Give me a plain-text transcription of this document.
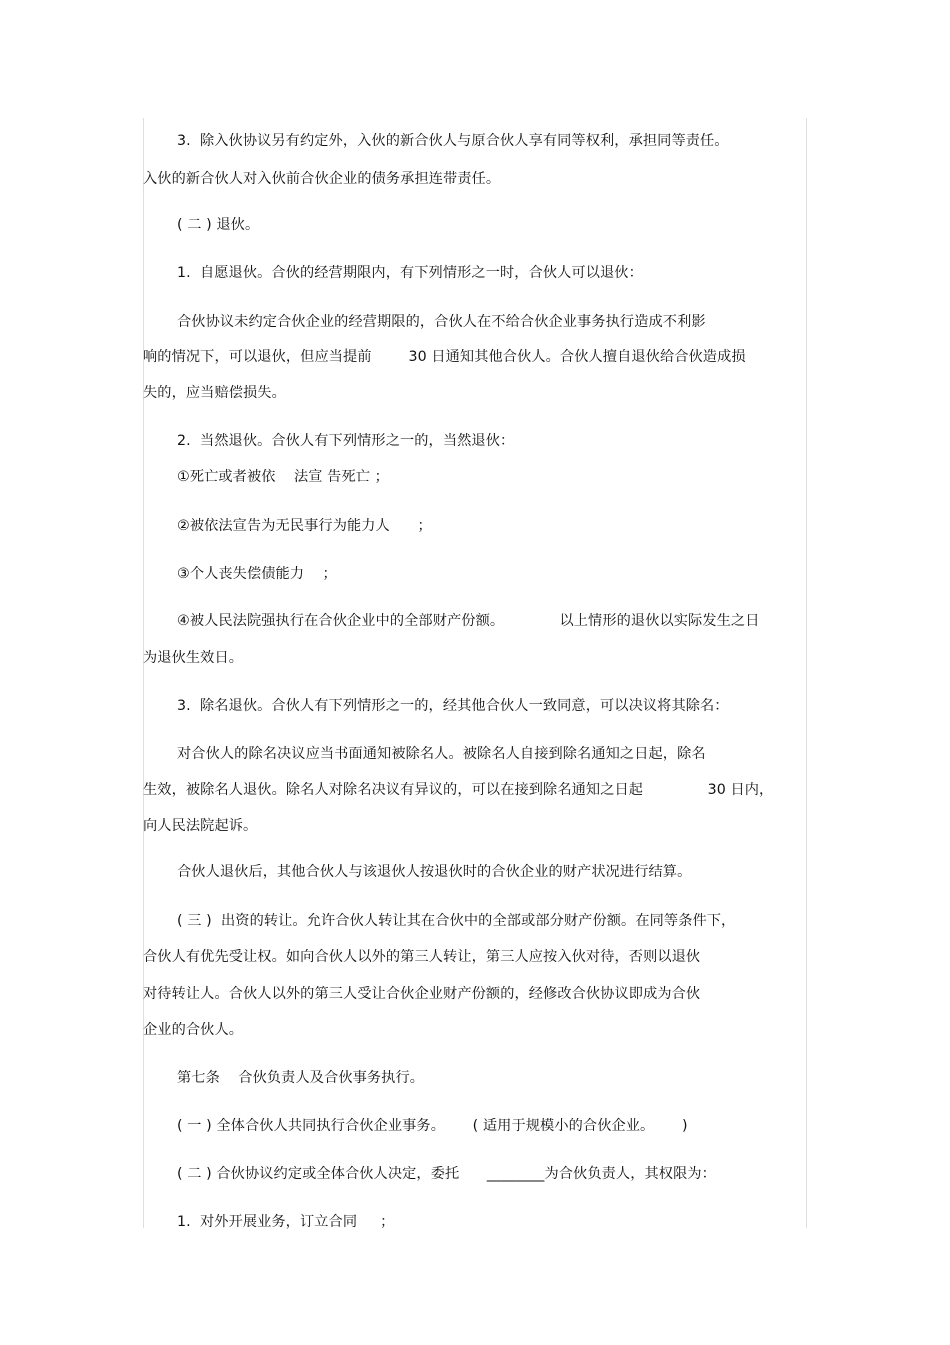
3.  除入伙协议另有约定外，入伙的新合伙人与原合伙人享有同等权利，承担同等责任。
入伙的新合伙人对入伙前合伙企业的债务承担连带责任。
( 二 ) 退伙。
1.  自愿退伙。合伙的经营期限内，有下列情形之一时，合伙人可以退伙：
合伙协议未约定合伙企业的经营期限的，合伙人在不给合伙企业事务执行造成不利影
响的情况下，可以退伙，但应当提前        30 日通知其他合伙人。合伙人擅自退伙给合伙造成损
失的，应当赔偿损失。
2.  当然退伙。合伙人有下列情形之一的，当然退伙：
①死亡或者被依    法宣 告死亡 ；
②被依法宣告为无民事行为能力人      ；
③个人丧失偿债能力    ；
④被人民法院强执行在合伙企业中的全部财产份额。            以上情形的退伙以实际发生之日
为退伙生效日。
3.  除名退伙。合伙人有下列情形之一的，经其他合伙人一致同意，可以决议将其除名：
对合伙人的除名决议应当书面通知被除名人。被除名人自接到除名通知之日起，除名
生效，被除名人退伙。除名人对除名决议有异议的，可以在接到除名通知之日起              30 日内，
向人民法院起诉。
合伙人退伙后，其他合伙人与该退伙人按退伙时的合伙企业的财产状况进行结算。
( 三 )  出资的转让。允许合伙人转让其在合伙中的全部或部分财产份额。在同等条件下，
合伙人有优先受让权。如向合伙人以外的第三人转让，第三人应按入伙对待，否则以退伙
对待转让人。合伙人以外的第三人受让合伙企业财产份额的，经修改合伙协议即成为合伙
企业的合伙人。
第七条    合伙负责人及合伙事务执行。
( 一 ) 全体合伙人共同执行合伙企业事务。      ( 适用于规模小的合伙企业。      )
( 二 ) 合伙协议约定或全体合伙人决定，委托      ________为合伙负责人，其权限为：
1.  对外开展业务，订立合同     ；
